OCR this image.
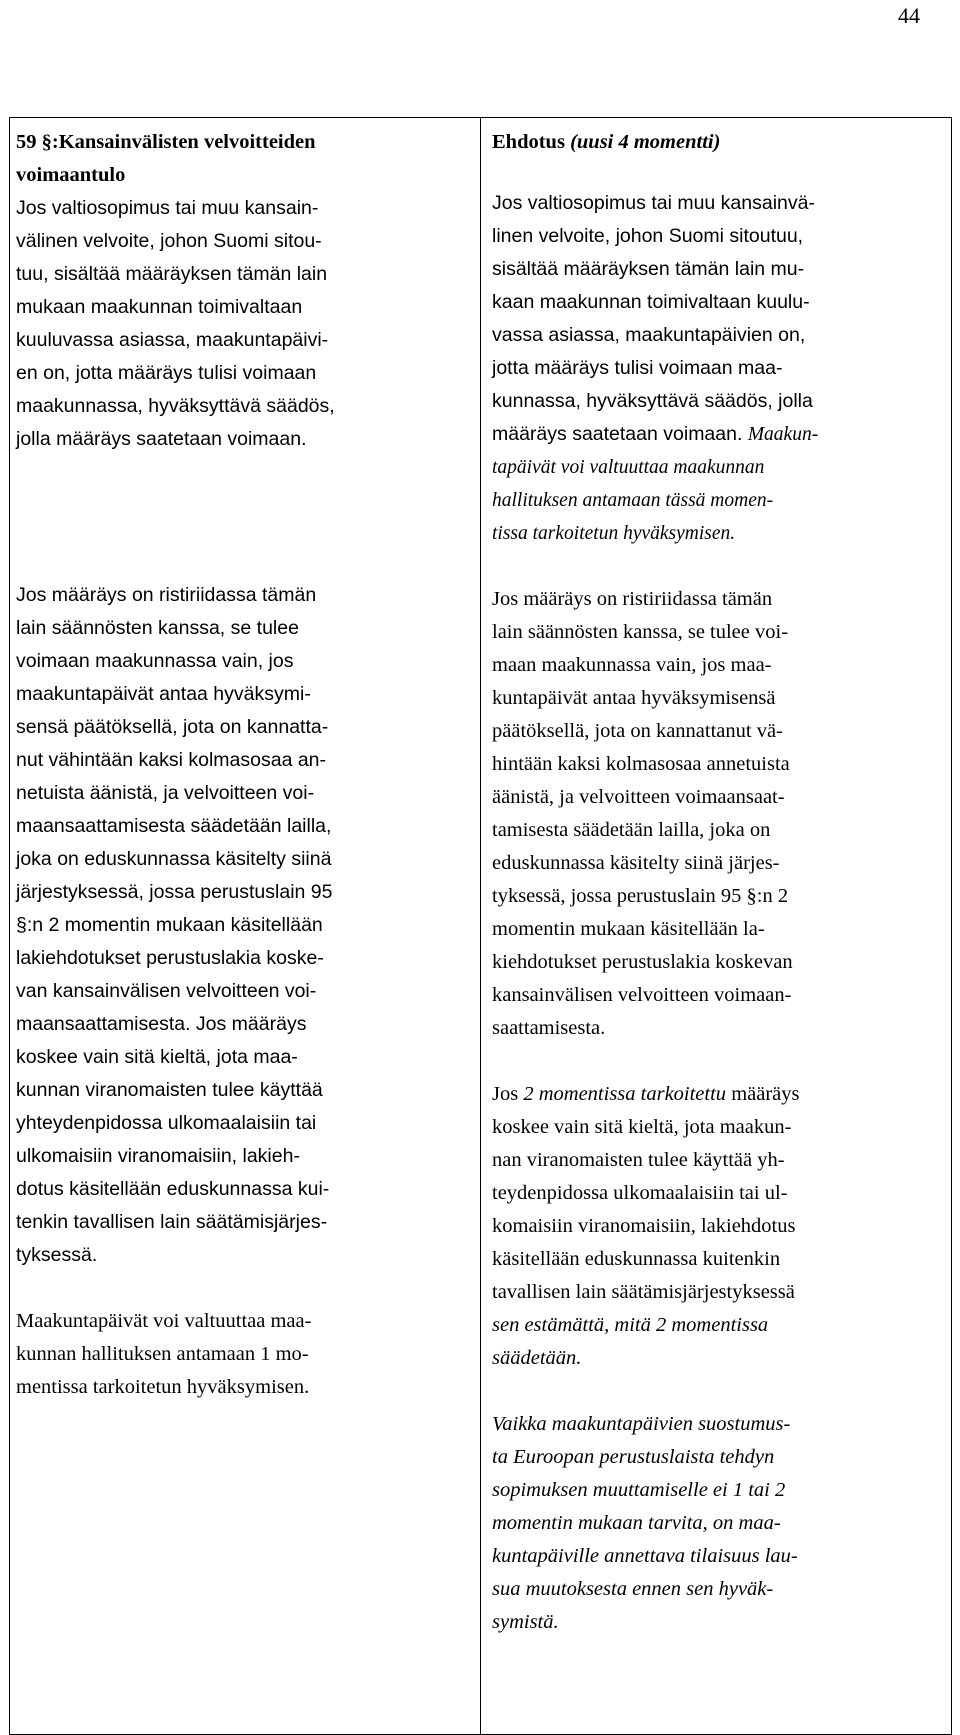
44
59 §:Kansainvälisten velvoitteiden
voimaantulo

Jos valtiosopimus tai muu kansain-
välinen velvoite, johon Suomi sitou-
tuu, sisältää määräyksen tämän lain
mukaan maakunnan toimivaltaan
kuuluvassa asiassa, maakuntapäivi-
en on, jotta määräys tulisi voimaan
maakunnassa, hyväksyttävä säädös,
jolla määräys saatetaan voimaan.

Jos määräys on ristiriidassa tämän
lain säännösten kanssa, se tulee
voimaan maakunnassa vain, jos
maakuntapäivät antaa hyväksymi-
sensä päätöksellä, jota on kannatta-
nut vähintään kaksi kolmasosaa an-
netuista äänistä, ja velvoitteen voi-
maansaattamisesta säädetään lailla,
joka on eduskunnassa käsitelty siinä
järjestyksessä, jossa perustuslain 95
§:n 2 momentin mukaan käsitellään
lakiehdotukset perustuslakia koske-
van kansainvälisen velvoitteen voi-
maansaattamisesta. Jos määräys
koskee vain sitä kieltä, jota maa-
kunnan viranomaisten tulee käyttää
yhteydenpidossa ulkomaalaisiin tai
ulkomaisiin viranomaisiin, lakieh-
dotus käsitellään eduskunnassa kui-
tenkin tavallisen lain säätämisjärjes-
tyksessä.

Maakuntapäivät voi valtuuttaa maa-
kunnan hallituksen antamaan 1 mo-
mentissa tarkoitetun hyväksymisen.

Ehdotus (uusi 4 momentti)

Jos valtiosopimus tai muu kansainvä-
linen velvoite, johon Suomi sitoutuu,
sisältää määräyksen tämän lain mu-
kaan maakunnan toimivaltaan kuulu-
vassa asiassa, maakuntapäivien on,
jotta määräys tulisi voimaan maa-
kunnassa, hyväksyttävä säädös, jolla
määräys saatetaan voimaan. Maakun-
tapäivät voi valtuuttaa maakunnan
hallituksen antamaan tässä momen-
tissa tarkoitetun hyväksymisen.

Jos määräys on ristiriidassa tämän
lain säännösten kanssa, se tulee voi-
maan maakunnassa vain, jos maa-
kuntapäivät antaa hyväksymisensä
päätöksellä, jota on kannattanut vä-
hintään kaksi kolmasosaa annetuista
äänistä, ja velvoitteen voimaansaat-
tamisesta säädetään lailla, joka on
eduskunnassa käsitelty siinä järjes-
tyksessä, jossa perustuslain 95 §:n 2
momentin mukaan käsitellään la-
kiehdotukset perustuslakia koskevan
kansainvälisen velvoitteen voimaan-
saattamisesta.

Jos 2 momentissa tarkoitettu määräys
koskee vain sitä kieltä, jota maakun-
nan viranomaisten tulee käyttää yh-
teydenpidossa ulkomaalaisiin tai ul-
komaisiin viranomaisiin, lakiehdotus
käsitellään eduskunnassa kuitenkin
tavallisen lain säätämisjärjestyksessä
sen estämättä, mitä 2 momentissa
säädetään.

Vaikka maakuntapäivien suostumus-
ta Euroopan perustuslaista tehdyn
sopimuksen muuttamiselle ei 1 tai 2
momentin mukaan tarvita, on maa-
kuntapäiville annettava tilaisuus lau-
sua muutoksesta ennen sen hyväk-
symistä.
